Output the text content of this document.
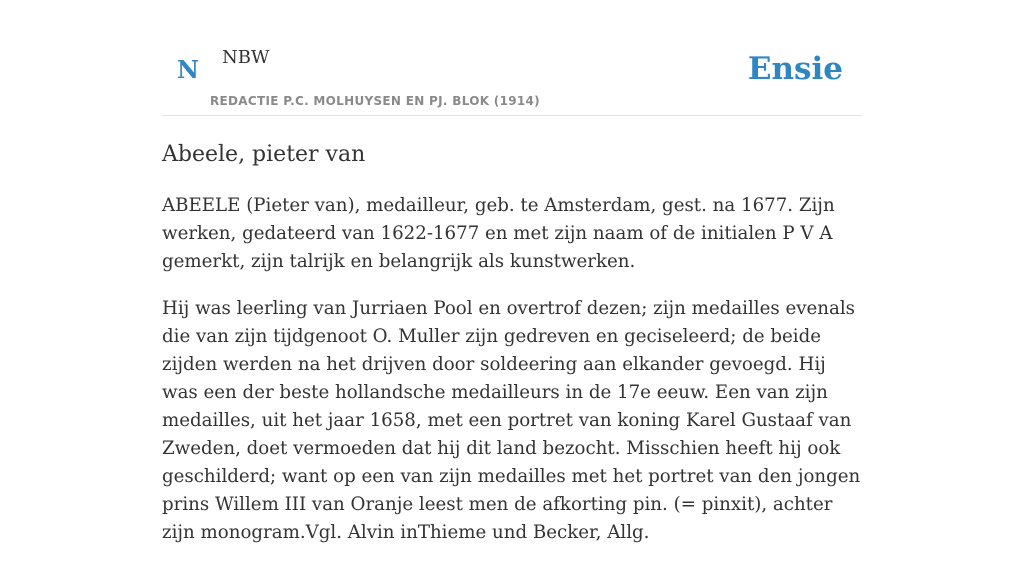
N NBW
REDACTIE P.C. MOLHUYSEN EN PJ. BLOK (1914)
Ensie
Abeele, pieter van

ABEELE (Pieter van), medailleur, geb. te Amsterdam, gest. na 1677. Zijn werken, gedateerd van 1622-1677 en met zijn naam of de initialen P V A gemerkt, zijn talrijk en belangrijk als kunstwerken.

Hij was leerling van Jurriaen Pool en overtrof dezen; zijn medailles evenals die van zijn tijdgenoot O. Muller zijn gedreven en geciseleerd; de beide zijden werden na het drijven door soldeering aan elkander gevoegd. Hij was een der beste hollandsche medailleurs in de 17e eeuw. Een van zijn medailles, uit het jaar 1658, met een portret van koning Karel Gustaaf van Zweden, doet vermoeden dat hij dit land bezocht. Misschien heeft hij ook geschilderd; want op een van zijn medailles met het portret van den jongen prins Willem III van Oranje leest men de afkorting pin. (= pinxit), achter zijn monogram.Vgl. Alvin inThieme und Becker, Allg.
